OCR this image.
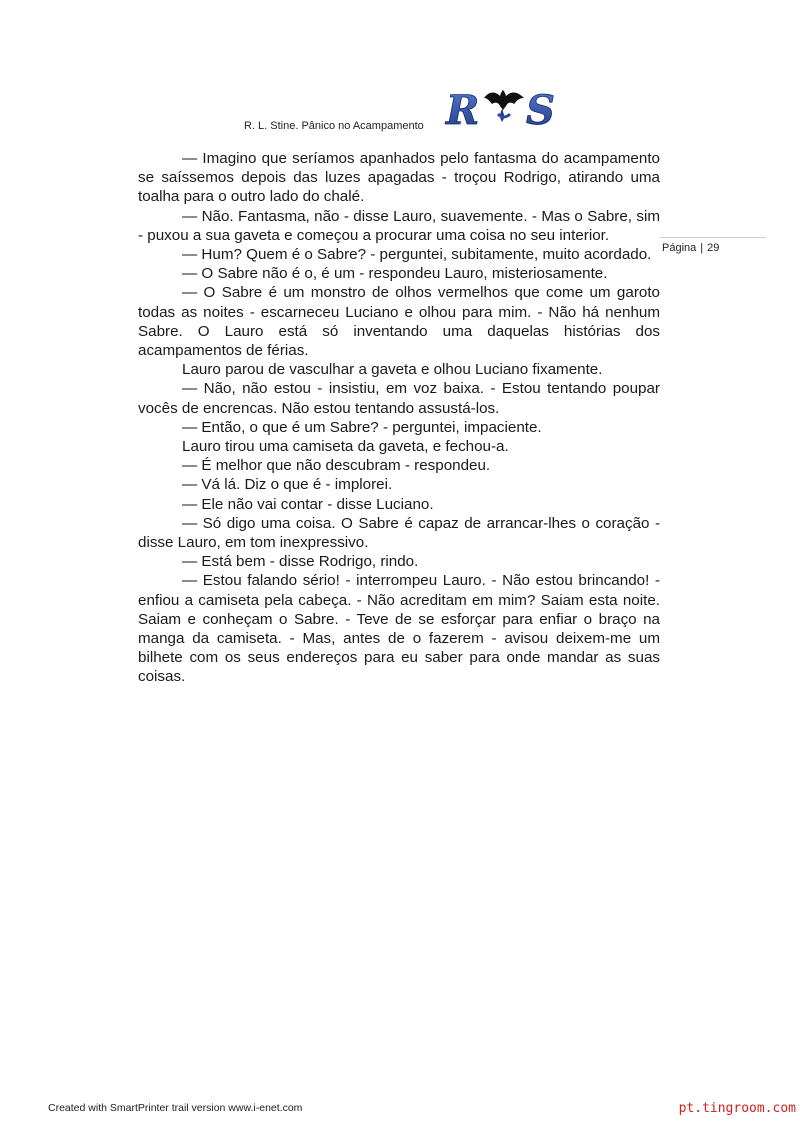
R. L. Stine. Pânico no Acampamento R S
Página | 29

— Imagino que seríamos apanhados pelo fantasma do acampamento se saíssemos depois das luzes apagadas - troçou Rodrigo, atirando uma toalha para o outro lado do chalé.

— Não. Fantasma, não - disse Lauro, suavemente. - Mas o Sabre, sim - puxou a sua gaveta e começou a procurar uma coisa no seu interior.

— Hum? Quem é o Sabre? - perguntei, subitamente, muito acordado.

— O Sabre não é o, é um - respondeu Lauro, misteriosamente.

— O Sabre é um monstro de olhos vermelhos que come um garoto todas as noites - escarneceu Luciano e olhou para mim. - Não há nenhum Sabre. O Lauro está só inventando uma daquelas histórias dos acampamentos de férias.

Lauro parou de vasculhar a gaveta e olhou Luciano fixamente.

— Não, não estou - insistiu, em voz baixa. - Estou tentando poupar vocês de encrencas. Não estou tentando assustá-los.

— Então, o que é um Sabre? - perguntei, impaciente.

Lauro tirou uma camiseta da gaveta, e fechou-a.

— É melhor que não descubram - respondeu.

— Vá lá. Diz o que é - implorei.

— Ele não vai contar - disse Luciano.

— Só digo uma coisa. O Sabre é capaz de arrancar-lhes o coração - disse Lauro, em tom inexpressivo.

— Está bem - disse Rodrigo, rindo.

— Estou falando sério! - interrompeu Lauro. - Não estou brincando! - enfiou a camiseta pela cabeça. - Não acreditam em mim? Saiam esta noite. Saiam e conheçam o Sabre. - Teve de se esforçar para enfiar o braço na manga da camiseta. - Mas, antes de o fazerem - avisou deixem-me um bilhete com os seus endereços para eu saber para onde mandar as suas coisas.

Created with SmartPrinter trail version www.i-enet.com	pt.tingroom.com
